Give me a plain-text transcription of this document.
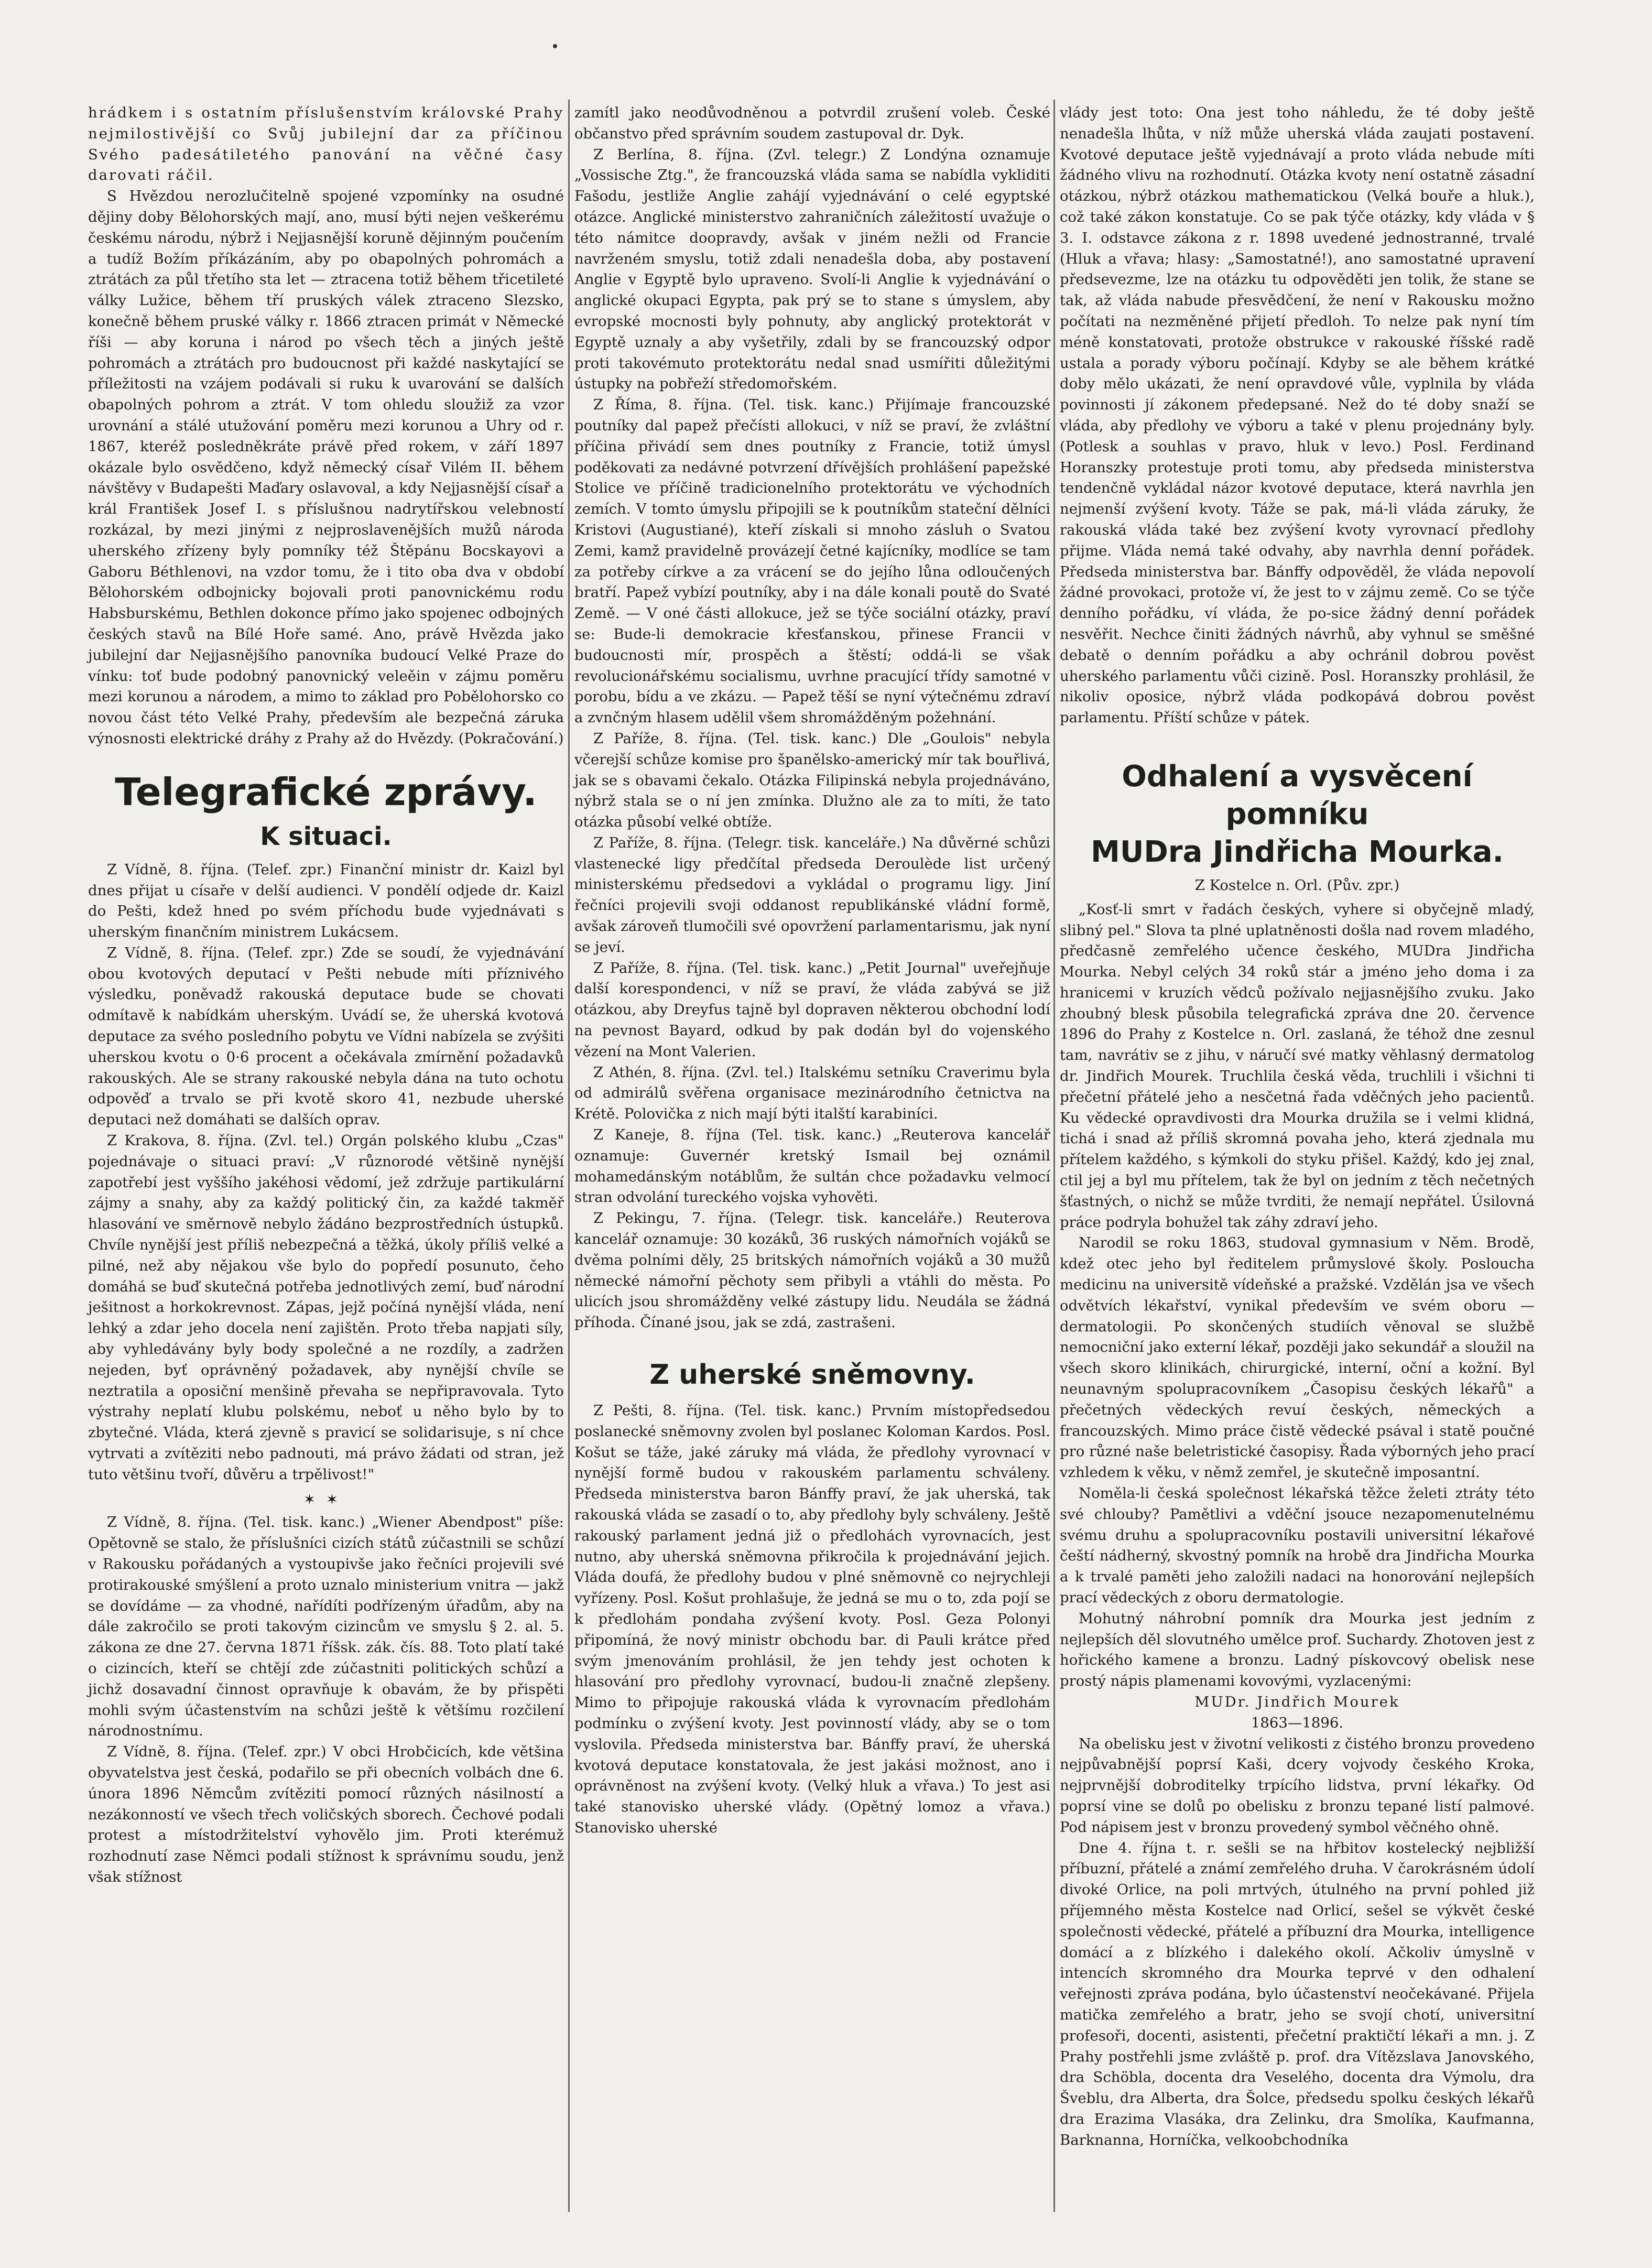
hrádkem i s ostatním příslušenstvím královské Prahy nejmilostivější co Svůj jubilejní dar za příčinou Svého padesátiletého panování na věčné časy darovati ráčil.

S Hvězdou nerozlučitelně spojené vzpomínky na osudné dějiny doby Bělohorských mají, ano, musí býti nejen veškerému českému národu, nýbrž i Nejjasnější koruně dějinným poučením a tudíž Božím příkázáním, aby po obapolných pohromách a ztrátách za půl třetího sta let — ztracena totiž během třicetileté války Lužice, během tří pruských válek ztraceno Slezsko, konečně během pruské války r. 1866 ztracen primát v Německé říši — aby koruna i národ po všech těch a jiných ještě pohromách a ztrátách pro budoucnost při každé naskytající se příležitosti na vzájem podávali si ruku k uvarování se dalších obapolných pohrom a ztrát. V tom ohledu sloužiž za vzor urovnání a stálé utužování poměru mezi korunou a Uhry od r. 1867, kteréž posledněkráte právě před rokem, v září 1897 okázale bylo osvědčeno, když německý císař Vilém II. během návštěvy v Budapešti Maďary oslavoval, a kdy Nejjasnější císař a král František Josef I. s příslušnou nadrytířskou velebností rozkázal, by mezi jinými z nejproslavenějších mužů národa uherského zřízeny byly pomníky též Štěpánu Bocskayovi a Gaboru Béthlenovi, na vzdor tomu, že i tito oba dva v období Bělohorském odbojnicky bojovali proti panovnickému rodu Habsburskému, Bethlen dokonce přímo jako spojenec odbojných českých stavů na Bílé Hoře samé. Ano, právě Hvězda jako jubilejní dar Nejjasnějšího panovníka budoucí Velké Praze do vínku: toť bude podobný panovnický veleěin v zájmu poměru mezi korunou a národem, a mimo to základ pro Pobělohorsko co novou část této Velké Prahy, především ale bezpečná záruka výnosnosti elektrické dráhy z Prahy až do Hvězdy. (Pokračování.)

Telegrafické zprávy.
K situaci.

Z Vídně, 8. října. (Telef. zpr.) Finanční ministr dr. Kaizl byl dnes přijat u císaře v delší audienci. V pondělí odjede dr. Kaizl do Pešti, kdež hned po svém příchodu bude vyjednávati s uherským finančním ministrem Lukácsem.

Z Vídně, 8. října. (Telef. zpr.) Zde se soudí, že vyjednávání obou kvotových deputací v Pešti nebude míti příznivého výsledku, poněvadž rakouská deputace bude se chovati odmítavě k nabídkám uherským. Uvádí se, že uherská kvotová deputace za svého posledního pobytu ve Vídni nabízela se zvýšiti uherskou kvotu o 0·6 procent a očekávala zmírnění požadavků rakouských. Ale se strany rakouské nebyla dána na tuto ochotu odpověď a trvalo se při kvotě skoro 41, nezbude uherské deputaci než domáhati se dalších oprav.

Z Krakova, 8. října. (Zvl. tel.) Orgán polského klubu „Czas" pojednávaje o situaci praví: „V různorodé většině nynější zapotřebí jest vyššího jakéhosi vědomí, jež zdržuje partikulární zájmy a snahy, aby za každý politický čin, za každé takměř hlasování ve směrnově nebylo žádáno bezprostředních ústupků. Chvíle nynější jest příliš nebezpečná a těžká, úkoly příliš velké a pilné, než aby nějakou vše bylo do popředí posunuto, čeho domáhá se buď skutečná potřeba jednotlivých zemí, buď národní ješitnost a horkokrevnost. Zápas, jejž počíná nynější vláda, není lehký a zdar jeho docela není zajištěn. Proto třeba napjati síly, aby vyhledávány byly body společné a ne rozdíly, a zadržen nejeden, byť oprávněný požadavek, aby nynější chvíle se neztratila a oposiční menšině převaha se nepřipravovala. Tyto výstrahy neplatí klubu polskému, neboť u něho bylo by to zbytečné. Vláda, která zjevně s pravicí se solidarisuje, s ní chce vytrvati a zvítěziti nebo padnouti, má právo žádati od stran, jež tuto většinu tvoří, důvěru a trpělivost!"

✶✶

Z Vídně, 8. října. (Tel. tisk. kanc.) „Wiener Abendpost" píše: Opětovně se stalo, že příslušníci cizích států zúčastnili se schůzí v Rakousku pořádaných a vystoupivše jako řečníci projevili své protirakouské smýšlení a proto uznalo ministerium vnitra — jakž se dovídáme — za vhodné, nařídíti podřízeným úřadům, aby na dále zakročilo se proti takovým cizincům ve smyslu § 2. al. 5. zákona ze dne 27. června 1871 říšsk. zák. čís. 88. Toto platí také o cizincích, kteří se chtějí zde zúčastniti politických schůzí a jichž dosavadní činnost opravňuje k obavám, že by přispěti mohli svým účastenstvím na schůzi ještě k většímu rozčilení národnostnímu.

Z Vídně, 8. října. (Telef. zpr.) V obci Hrobčicích, kde většina obyvatelstva jest česká, podařilo se při obecních volbách dne 6. února 1896 Němcům zvítěziti pomocí různých násilností a nezákonností ve všech třech voličských sborech. Čechové podali protest a místodržitelství vyhovělo jim. Proti kterémuž rozhodnutí zase Němci podali stížnost k správnímu soudu, jenž však stížnost

zamítl jako neodůvodněnou a potvrdil zrušení voleb. České občanstvo před správním soudem zastupoval dr. Dyk.

Z Berlína, 8. října. (Zvl. telegr.) Z Londýna oznamuje „Vossische Ztg.", že francouzská vláda sama se nabídla vykliditi Fašodu, jestliže Anglie zahájí vyjednávání o celé egyptské otázce. Anglické ministerstvo zahraničních záležitostí uvažuje o této námitce doopravdy, avšak v jiném nežli od Francie navrženém smyslu, totiž zdali nenadešla doba, aby postavení Anglie v Egyptě bylo upraveno. Svolí-li Anglie k vyjednávání o anglické okupaci Egypta, pak prý se to stane s úmyslem, aby evropské mocnosti byly pohnuty, aby anglický protektorát v Egyptě uznaly a aby vyšetřily, zdali by se francouzský odpor proti takovémuto protektorátu nedal snad usmířiti důležitými ústupky na pobřeží středomořském.

Z Říma, 8. října. (Tel. tisk. kanc.) Přijímaje francouzské poutníky dal papež přečísti allokuci, v níž se praví, že zvláštní příčina přivádí sem dnes poutníky z Francie, totiž úmysl poděkovati za nedávné potvrzení dřívějších prohlášení papežské Stolice ve příčině tradicionelního protektorátu ve východních zemích. V tomto úmyslu připojili se k poutníkům stateční dělníci Kristovi (Augustiané), kteří získali si mnoho zásluh o Svatou Zemi, kamž pravidelně provázejí četné kajícníky, modlíce se tam za potřeby církve a za vrácení se do jejího lůna odloučených bratří. Papež vybízí poutníky, aby i na dále konali poutě do Svaté Země. — V oné části allokuce, jež se týče sociální otázky, praví se: Bude-li demokracie křesťanskou, přinese Francii v budoucnosti mír, prospěch a štěstí; oddá-li se však revolucionářskému socialismu, uvrhne pracující třídy samotné v porobu, bídu a ve zkázu. — Papež těší se nyní výtečnému zdraví a zvnčným hlasem udělil všem shromážděným požehnání.

Z Paříže, 8. října. (Tel. tisk. kanc.) Dle „Goulois" nebyla včerejší schůze komise pro španělsko-americký mír tak bouřlivá, jak se s obavami čekalo. Otázka Filipinská nebyla projednáváno, nýbrž stala se o ní jen zmínka. Dlužno ale za to míti, že tato otázka působí velké obtíže.

Z Paříže, 8. října. (Telegr. tisk. kanceláře.) Na důvěrné schůzi vlastenecké ligy předčítal předseda Deroulède list určený ministerskému předsedovi a vykládal o programu ligy. Jiní řečníci projevili svoji oddanost republikánské vládní formě, avšak zároveň tlumočili své opovržení parlamentarismu, jak nyní se jeví.

Z Paříže, 8. října. (Tel. tisk. kanc.) „Petit Journal" uveřejňuje další korespondenci, v níž se praví, že vláda zabývá se již otázkou, aby Dreyfus tajně byl dopraven některou obchodní lodí na pevnost Bayard, odkud by pak dodán byl do vojenského vězení na Mont Valerien.

Z Athén, 8. října. (Zvl. tel.) Italskému setníku Craverimu byla od admirálů svěřena organisace mezinárodního četnictva na Krétě. Polovička z nich mají býti italští karabiníci.

Z Kaneje, 8. října (Tel. tisk. kanc.) „Reuterova kancelář oznamuje: Guvernér kretský Ismail bej oznámil mohamedánským notáblům, že sultán chce požadavku velmocí stran odvolání tureckého vojska vyhověti.

Z Pekingu, 7. října. (Telegr. tisk. kanceláře.) Reuterova kancelář oznamuje: 30 kozáků, 36 ruských námořních vojáků se dvěma polními děly, 25 britských námořních vojáků a 30 mužů německé námořní pěchoty sem přibyli a vtáhli do města. Po ulicích jsou shromážděny velké zástupy lidu. Neudála se žádná příhoda. Čínané jsou, jak se zdá, zastrašeni.

Z uherské sněmovny.

Z Pešti, 8. října. (Tel. tisk. kanc.) Prvním místopředsedou poslanecké sněmovny zvolen byl poslanec Koloman Kardos. Posl. Košut se táže, jaké záruky má vláda, že předlohy vyrovnací v nynější formě budou v rakouském parlamentu schváleny. Předseda ministerstva baron Bánffy praví, že jak uherská, tak rakouská vláda se zasadí o to, aby předlohy byly schváleny. Ještě rakouský parlament jedná již o předlohách vyrovnacích, jest nutno, aby uherská sněmovna přikročila k projednávání jejich. Vláda doufá, že předlohy budou v plné sněmovně co nejrychleji vyřízeny. Posl. Košut prohlašuje, že jedná se mu o to, zda pojí se k předlohám pondaha zvýšení kvoty. Posl. Geza Polonyi připomíná, že nový ministr obchodu bar. di Pauli krátce před svým jmenováním prohlásil, že jen tehdy jest ochoten k hlasování pro předlohy vyrovnací, budou-li značně zlepšeny. Mimo to připojuje rakouská vláda k vyrovnacím předlohám podmínku o zvýšení kvoty. Jest povinností vlády, aby se o tom vyslovila. Předseda ministerstva bar. Bánffy praví, že uherská kvotová deputace konstatovala, že jest jakási možnost, ano i oprávněnost na zvýšení kvoty. (Velký hluk a vřava.) To jest asi také stanovisko uherské vlády. (Opětný lomoz a vřava.) Stanovisko uherské

vlády jest toto: Ona jest toho náhledu, že té doby ještě nenadešla lhůta, v níž může uherská vláda zaujati postavení. Kvotové deputace ještě vyjednávají a proto vláda nebude míti žádného vlivu na rozhodnutí. Otázka kvoty není ostatně zásadní otázkou, nýbrž otázkou mathematickou (Velká bouře a hluk.), což také zákon konstatuje. Co se pak týče otázky, kdy vláda v § 3. I. odstavce zákona z r. 1898 uvedené jednostranné, trvalé (Hluk a vřava; hlasy: „Samostatné!), ano samostatné upravení předsevezme, lze na otázku tu odpověděti jen tolik, že stane se tak, až vláda nabude přesvědčení, že není v Rakousku možno počítati na nezměněné přijetí předloh. To nelze pak nyní tím méně konstatovati, protože obstrukce v rakouské říšské radě ustala a porady výboru počínají. Kdyby se ale během krátké doby mělo ukázati, že není opravdové vůle, vyplnila by vláda povinnosti jí zákonem předepsané. Než do té doby snaží se vláda, aby předlohy ve výboru a také v plenu projednány byly. (Potlesk a souhlas v pravo, hluk v levo.) Posl. Ferdinand Horanszky protestuje proti tomu, aby předseda ministerstva tendenčně vykládal názor kvotové deputace, která navrhla jen nejmenší zvýšení kvoty. Táže se pak, má-li vláda záruky, že rakouská vláda také bez zvýšení kvoty vyrovnací předlohy přijme. Vláda nemá také odvahy, aby navrhla denní pořádek. Předseda ministerstva bar. Bánffy odpověděl, že vláda nepovolí žádné provokaci, protože ví, že jest to v zájmu země. Co se týče denního pořádku, ví vláda, že po-sice žádný denní pořádek nesvěřit. Nechce činiti žádných návrhů, aby vyhnul se směšné debatě o denním pořádku a aby ochránil dobrou pověst uherského parlamentu vůči cizině. Posl. Horanszky prohlásil, že nikoliv oposice, nýbrž vláda podkopává dobrou pověst parlamentu. Příští schůze v pátek.

Odhalení a vysvěcení pomníku
MUDra Jindřicha Mourka.
Z Kostelce n. Orl. (Pův. zpr.)

„Kosť-li smrt v řadách českých, vyhere si obyčejně mladý, slibný pel." Slova ta plné uplatněnosti došla nad rovem mladého, předčasně zemřelého učence českého, MUDra Jindřicha Mourka. Nebyl celých 34 roků stár a jméno jeho doma i za hranicemi v kruzích vědců požívalo nejjasnějšího zvuku. Jako zhoubný blesk působila telegrafická zpráva dne 20. července 1896 do Prahy z Kostelce n. Orl. zaslaná, že téhož dne zesnul tam, navrátiv se z jihu, v náručí své matky věhlasný dermatolog dr. Jindřich Mourek. Truchlila česká věda, truchlili i všichni ti přečetní přátelé jeho a nesčetná řada vděčných jeho pacientů. Ku vědecké opravdivosti dra Mourka družila se i velmi klidná, tichá i snad až příliš skromná povaha jeho, která zjednala mu přítelem každého, s kýmkoli do styku přišel. Každý, kdo jej znal, ctil jej a byl mu přítelem, tak že byl on jedním z těch nečetných šťastných, o nichž se může tvrditi, že nemají nepřátel. Úsilovná práce podryla bohužel tak záhy zdraví jeho.

Narodil se roku 1863, studoval gymnasium v Něm. Brodě, kdež otec jeho byl ředitelem průmyslové školy. Posloucha medicinu na universitě vídeňské a pražské. Vzdělán jsa ve všech odvětvích lékařství, vynikal především ve svém oboru — dermatologii. Po skončených studiích věnoval se službě nemocniční jako externí lékař, později jako sekundář a sloužil na všech skoro klinikách, chirurgické, interní, oční a kožní. Byl neunavným spolupracovníkem „Časopisu českých lékařů" a přečetných vědeckých revuí českých, německých a francouzských. Mimo práce čistě vědecké psával i statě poučné pro různé naše beletristické časopisy. Řada výborných jeho prací vzhledem k věku, v němž zemřel, je skutečně imposantní.

Noměla-li česká společnost lékařská těžce želeti ztráty této své chlouby? Pamětlivi a vděční jsouce nezapomenutelnému svému druhu a spolupracovníku postavili universitní lékařové čeští nádherný, skvostný pomník na hrobě dra Jindřicha Mourka a k trvalé paměti jeho založili nadaci na honorování nejlepších prací vědeckých z oboru dermatologie.

Mohutný náhrobní pomník dra Mourka jest jedním z nejlepších děl slovutného umělce prof. Suchardy. Zhotoven jest z hořického kamene a bronzu. Ladný pískovcový obelisk nese prostý nápis plamenami kovovými, vyzlacenými:

MUDr. Jindřich Mourek

1863—1896.

Na obelisku jest v životní velikosti z čistého bronzu provedeno nejpůvabnější poprsí Kaši, dcery vojvody českého Kroka, nejprvnější dobroditelky trpícího lidstva, první lékařky. Od poprsí vine se dolů po obelisku z bronzu tepané listí palmové. Pod nápisem jest v bronzu provedený symbol věčného ohně.

Dne 4. října t. r. sešli se na hřbitov kostelecký nejbližší příbuzní, přátelé a známí zemřelého druha. V čarokrásném údolí divoké Orlice, na poli mrtvých, útulného na první pohled již příjemného města Kostelce nad Orlicí, sešel se výkvět české společnosti vědecké, přátelé a příbuzní dra Mourka, intelligence domácí a z blízkého i dalekého okolí. Ačkoliv úmyslně v intencích skromného dra Mourka teprvé v den odhalení veřejnosti zpráva podána, bylo účastenství neočekávané. Přijela matička zemřelého a bratr, jeho se svojí chotí, universitní profesoři, docenti, asistenti, přečetní praktičtí lékaři a mn. j. Z Prahy postřehli jsme zvláště p. prof. dra Vítězslava Janovského, dra Schöbla, docenta dra Veselého, docenta dra Výmolu, dra Šveblu, dra Alberta, dra Šolce, předsedu spolku českých lékařů dra Erazima Vlasáka, dra Zelinku, dra Smolíka, Kaufmanna, Barknanna, Horníčka, velkoobchodníka
